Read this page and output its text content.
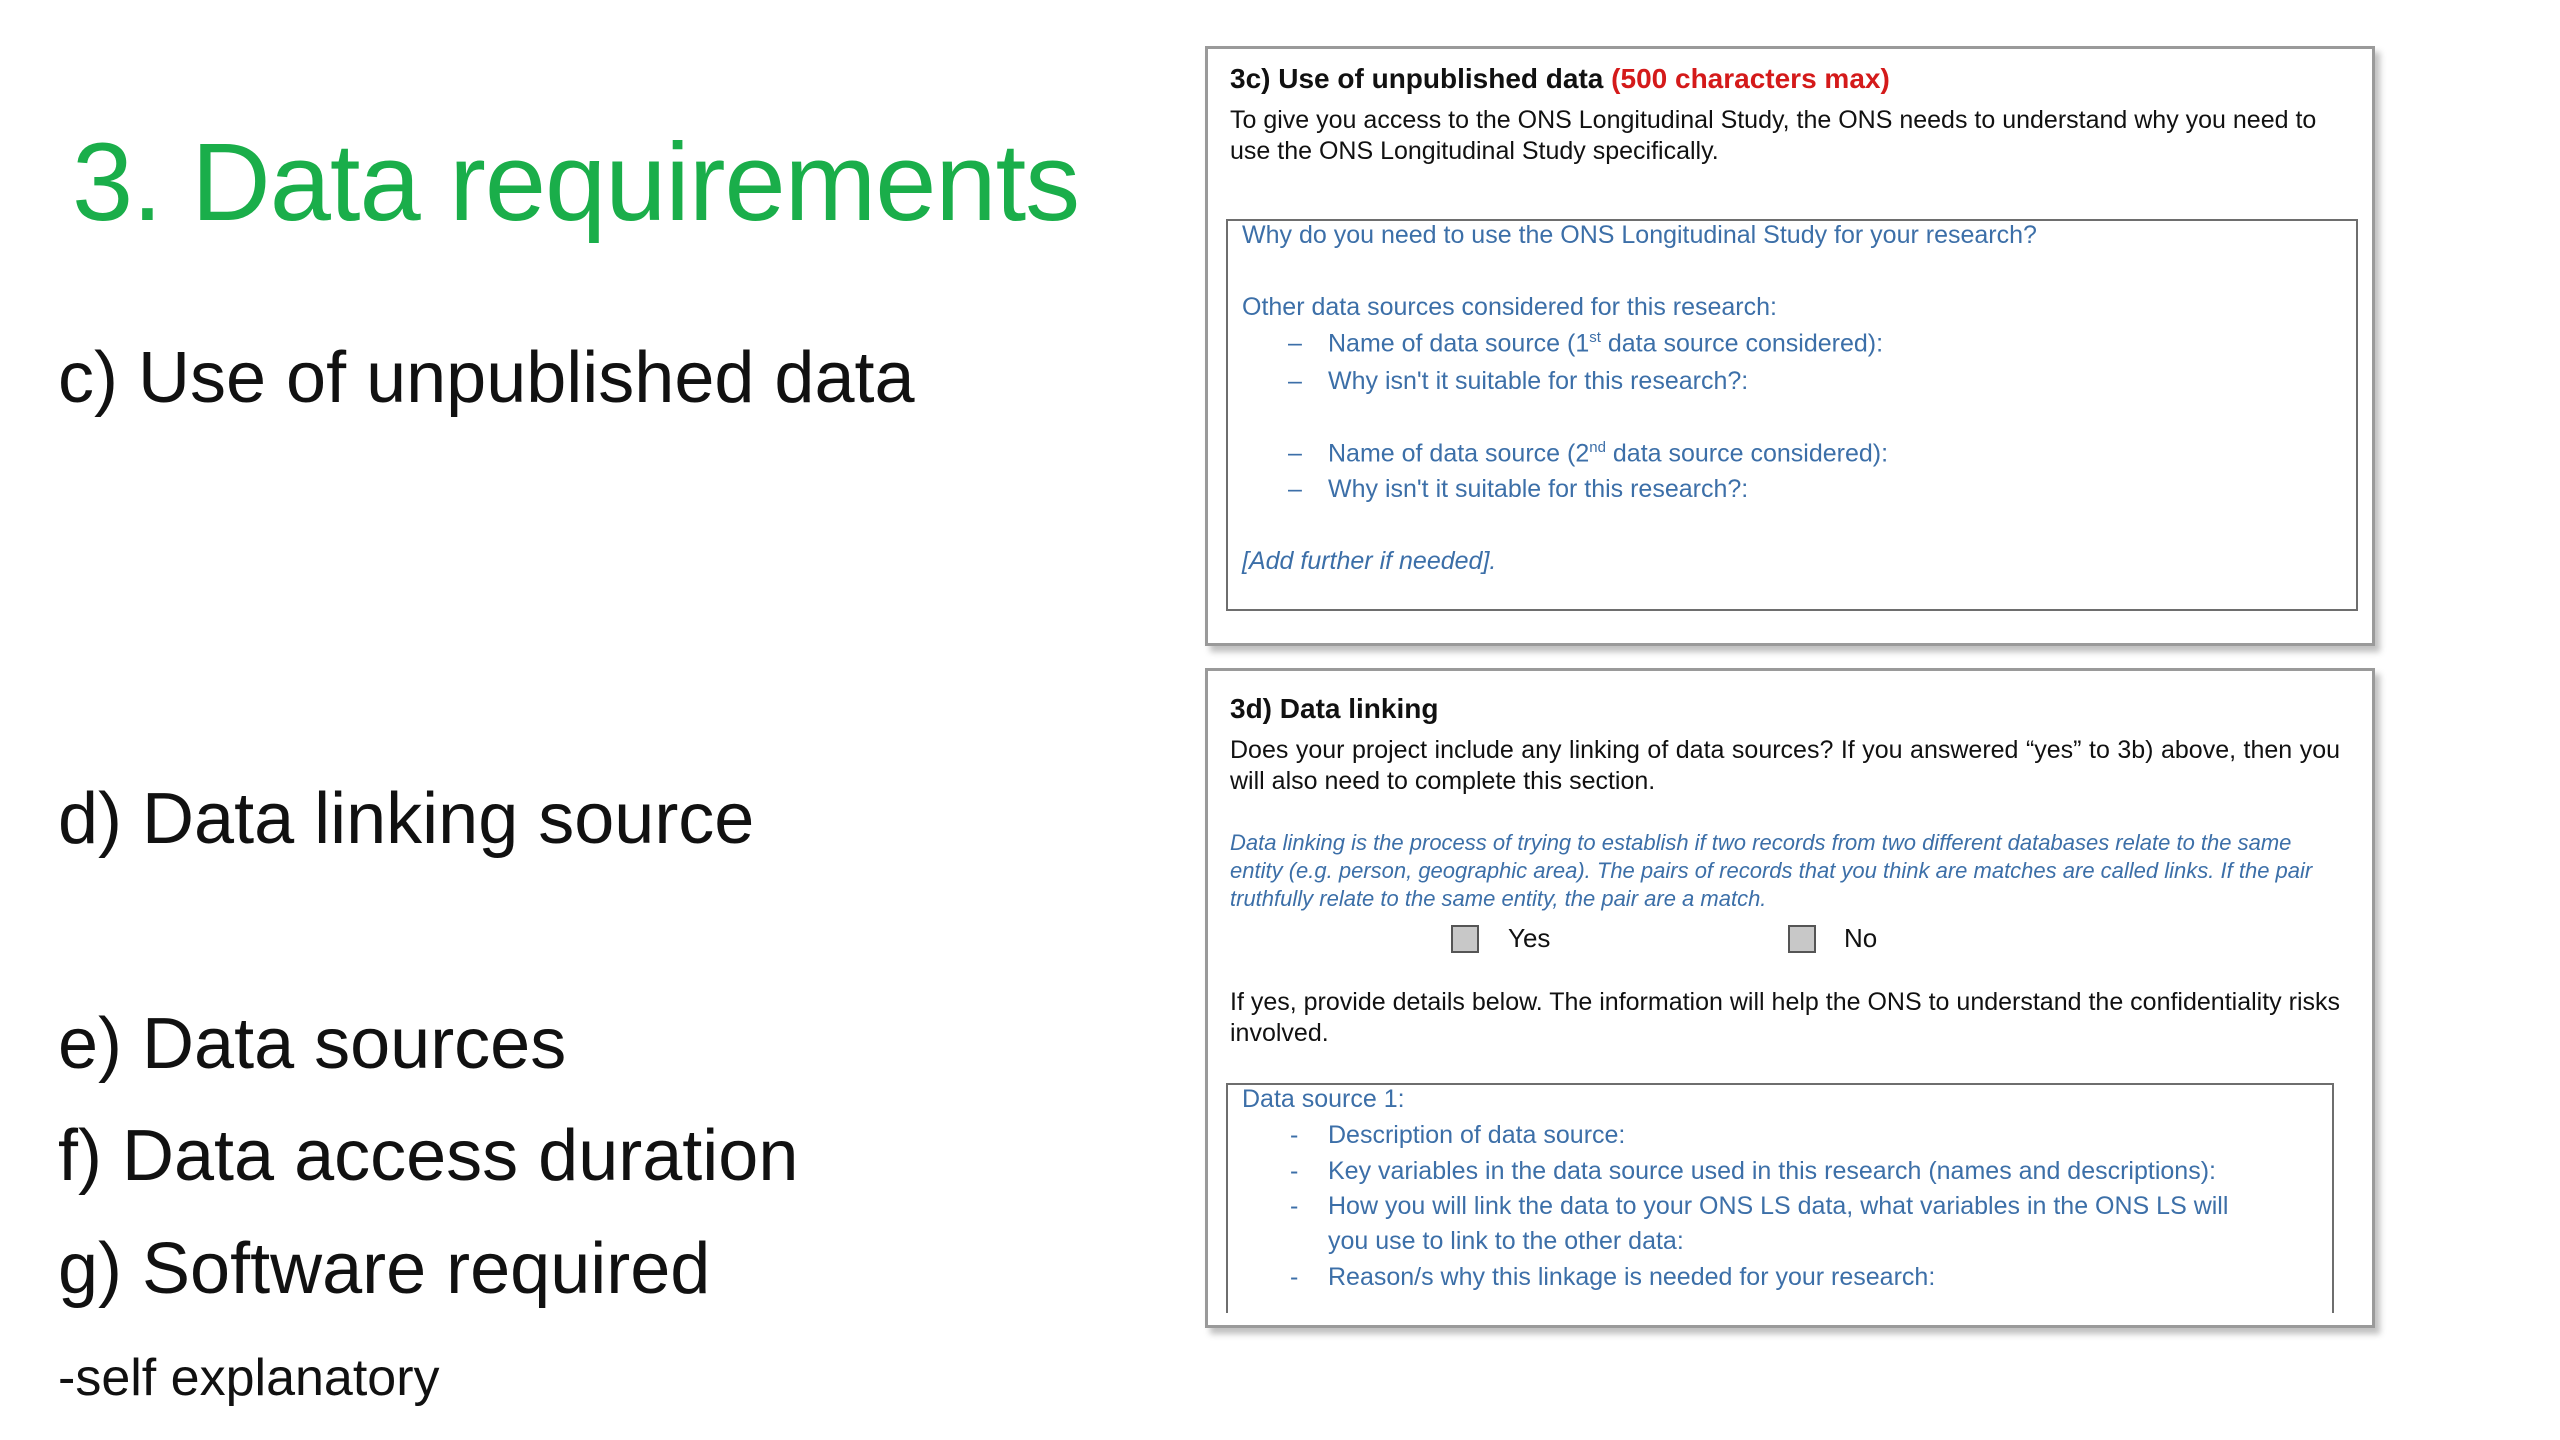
3. Data requirements
c) Use of unpublished data
d) Data linking source
e) Data sources
f) Data access duration
g) Software required
-self explanatory
3c) Use of unpublished data (500 characters max)
To give you access to the ONS Longitudinal Study, the ONS needs to understand why you need to use the ONS Longitudinal Study specifically.
Why do you need to use the ONS Longitudinal Study for your research?
Other data sources considered for this research:
– Name of data source (1st data source considered):
– Why isn't it suitable for this research?:
– Name of data source (2nd data source considered):
– Why isn't it suitable for this research?:
[Add further if needed].
3d) Data linking
Does your project include any linking of data sources? If you answered “yes” to 3b) above, then you will also need to complete this section.
Data linking is the process of trying to establish if two records from two different databases relate to the same entity (e.g. person, geographic area). The pairs of records that you think are matches are called links. If the pair truthfully relate to the same entity, the pair are a match.
Yes	No
If yes, provide details below. The information will help the ONS to understand the confidentiality risks involved.
Data source 1:
- Description of data source:
- Key variables in the data source used in this research (names and descriptions):
- How you will link the data to your ONS LS data, what variables in the ONS LS will
you use to link to the other data:
- Reason/s why this linkage is needed for your research:
